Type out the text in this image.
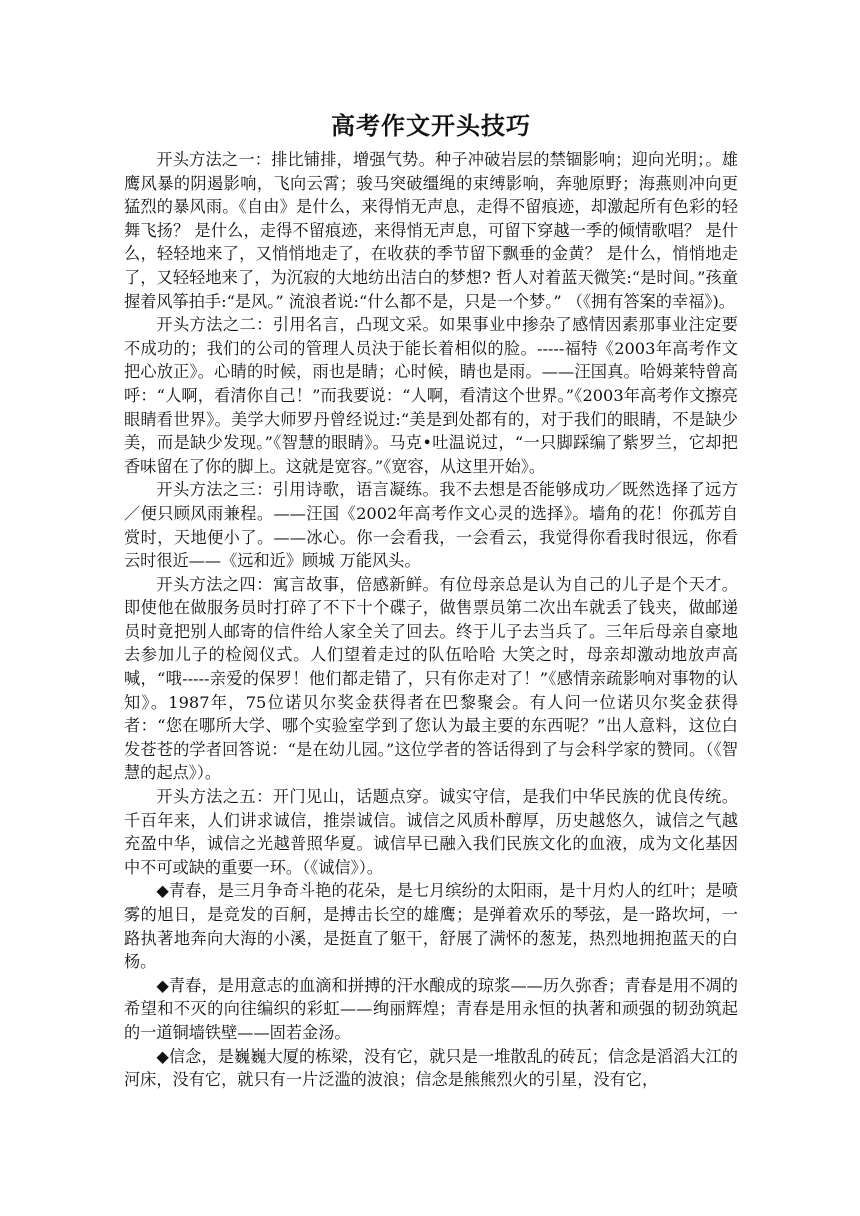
高考作文开头技巧

开头方法之一：排比铺排，增强气势。种子冲破岩层的禁锢影响；迎向光明；。雄鹰风暴的阴遏影响，飞向云霄；骏马突破缰绳的束缚影响，奔驰原野；海燕则冲向更猛烈的暴风雨。《自由》是什么，来得悄无声息，走得不留痕迹，却激起所有色彩的轻舞飞扬？ 是什么，走得不留痕迹，来得悄无声息，可留下穿越一季的倾情歌唱？ 是什么，轻轻地来了，又悄悄地走了，在收获的季节留下飘垂的金黄？ 是什么，悄悄地走了，又轻轻地来了，为沉寂的大地纺出洁白的梦想? 哲人对着蓝天微笑:“是时间。”孩童握着风筝拍手:“是风。” 流浪者说:“什么都不是，只是一个梦。” （《拥有答案的幸福》)。

开头方法之二：引用名言，凸现文采。如果事业中掺杂了感情因素那事业注定要不成功的；我们的公司的管理人员決于能长着相似的脸。-----福特《2003年高考作文把心放正》。心睛的时候，雨也是睛；心时候，睛也是雨。——汪国真。哈姆莱特曾高呼：“人啊，看清你自己！”而我要说：“人啊，看清这个世界。”《2003年高考作文擦亮眼睛看世界》。美学大师罗丹曾经说过:“美是到处都有的，对于我们的眼睛，不是缺少美，而是缺少发现。”《智慧的眼睛》。马克•吐温说过，“一只脚踩编了紫罗兰，它却把香味留在了你的脚上。这就是宽容。”《宽容，从这里开始》。

开头方法之三：引用诗歌，语言凝练。我不去想是否能够成功／既然选择了远方／便只顾风雨兼程。——汪国《2002年高考作文心灵的选择》。墙角的花！你孤芳自赏时，天地便小了。——冰心。你一会看我，一会看云，我觉得你看我时很远，你看云时很近——《远和近》顾城 万能风头。

开头方法之四：寓言故事，倍感新鲜。有位母亲总是认为自己的儿子是个天才。即使他在做服务员时打碎了不下十个碟子，做售票员第二次出车就丢了钱夹，做邮递员时竟把别人邮寄的信件给人家全关了回去。终于儿子去当兵了。三年后母亲自豪地去参加儿子的检阅仪式。人们望着走过的队伍哈哈 大笑之时，母亲却激动地放声高喊，“哦-----亲爱的保罗！他们都走错了，只有你走对了！”《感情亲疏影响对事物的认知》。1987年，75位诺贝尔奖金获得者在巴黎聚会。有人问一位诺贝尔奖金获得者：“您在哪所大学、哪个实验室学到了您认为最主要的东西呢？”出人意料，这位白发苍苍的学者回答说：“是在幼儿园。”这位学者的答话得到了与会科学家的赞同。（《智慧的起点》）。

开头方法之五：开门见山，话题点穿。诚实守信，是我们中华民族的优良传统。千百年来，人们讲求诚信，推崇诚信。诚信之风质朴醇厚，历史越悠久，诚信之气越充盈中华，诚信之光越普照华夏。诚信早已融入我们民族文化的血液，成为文化基因中不可或缺的重要一环。（《诚信》）。

◆青春，是三月争奇斗艳的花朵，是七月缤纷的太阳雨，是十月灼人的红叶；是喷雾的旭日，是竞发的百舸，是搏击长空的雄鹰；是弹着欢乐的琴弦，是一路坎坷，一路执著地奔向大海的小溪，是挺直了躯干，舒展了满怀的葱茏，热烈地拥抱蓝天的白杨。

◆青春，是用意志的血滴和拼搏的汗水酿成的琼浆——历久弥香；青春是用不凋的希望和不灭的向往编织的彩虹——绚丽辉煌；青春是用永恒的执著和顽强的韧劲筑起的一道铜墙铁壁——固若金汤。

◆信念，是巍巍大厦的栋梁，没有它，就只是一堆散乱的砖瓦；信念是滔滔大江的河床，没有它，就只有一片泛滥的波浪；信念是熊熊烈火的引星，没有它，
